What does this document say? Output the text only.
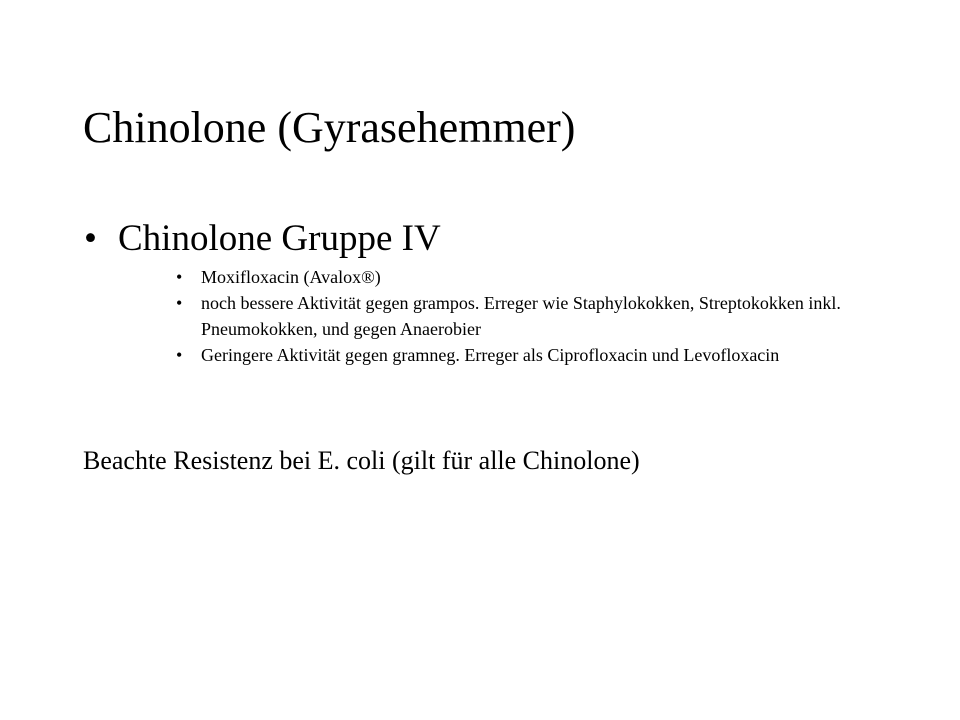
Chinolone (Gyrasehemmer)
• Chinolone Gruppe IV
• Moxifloxacin (Avalox®)
• noch bessere Aktivität gegen grampos. Erreger wie Staphylokokken, Streptokokken inkl. Pneumokokken, und gegen Anaerobier
• Geringere Aktivität gegen gramneg. Erreger als Ciprofloxacin und Levofloxacin
Beachte Resistenz bei E. coli (gilt für alle Chinolone)
